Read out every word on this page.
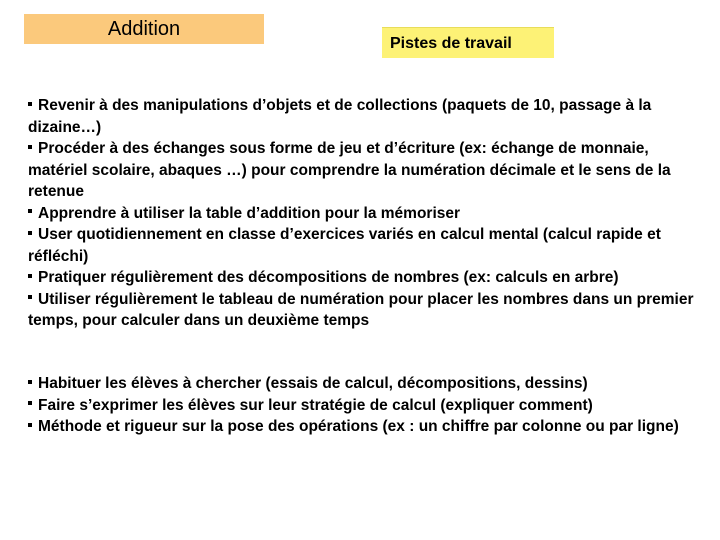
Addition
Pistes de travail

Revenir à des manipulations d’objets et de collections (paquets de 10, passage à la dizaine…)

Procéder à des échanges sous forme de jeu et d’écriture (ex: échange de monnaie, matériel scolaire, abaques …) pour comprendre la numération décimale et le sens de la retenue

Apprendre à utiliser la table d’addition pour la mémoriser

User quotidiennement en classe d’exercices variés en calcul mental (calcul rapide et réfléchi)

Pratiquer régulièrement des décompositions de nombres (ex: calculs en arbre)

Utiliser régulièrement le tableau de numération pour placer les nombres dans un premier temps, pour calculer dans un deuxième temps

Habituer les élèves à chercher (essais de calcul, décompositions, dessins)

Faire s’exprimer les élèves sur leur stratégie de calcul (expliquer comment)

Méthode et rigueur sur la pose des opérations (ex : un chiffre par colonne ou par ligne)
